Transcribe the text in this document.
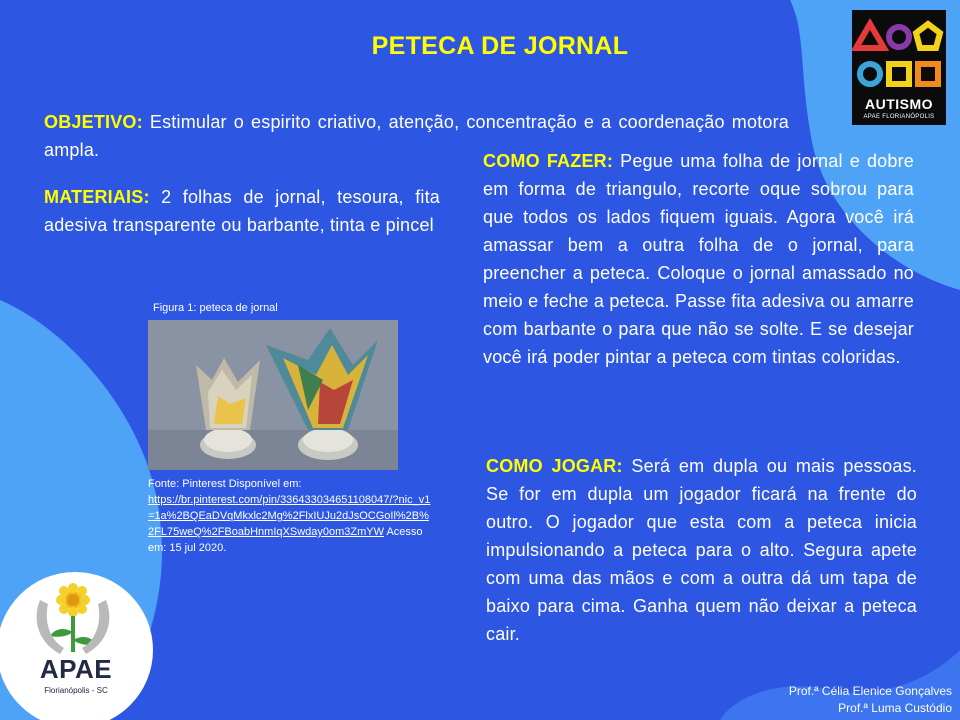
PETECA DE JORNAL
AUTISMO
APAE FLORIANÓPOLIS
OBJETIVO: Estimular o espirito criativo, atenção, concentração e a coordenação motora ampla.
MATERIAIS: 2 folhas de jornal, tesoura, fita adesiva transparente ou barbante, tinta e pincel
COMO FAZER: Pegue uma folha de jornal e dobre em forma de triangulo, recorte oque sobrou para que todos os lados fiquem iguais. Agora você irá amassar bem a outra folha de o jornal, para preencher a peteca. Coloque o jornal amassado no meio e feche a peteca. Passe fita adesiva ou amarre com barbante o para que não se solte. E se desejar você irá poder pintar a peteca com tintas coloridas.
COMO JOGAR: Será em dupla ou mais pessoas. Se for em dupla um jogador ficará na frente do outro. O jogador que esta com a peteca inicia impulsionando a peteca para o alto. Segura apete com uma das mãos e com a outra dá um tapa de baixo para cima. Ganha quem não deixar a peteca cair.
Figura 1: peteca de jornal
Fonte: Pinterest Disponível em:
https://br.pinterest.com/pin/336433034651108047/?nic_v1=1a%2BQEaDVqMkxlc2Mg%2FlxIUJu2dJsOCGoIl%2B%2FL75weQ%2FBoabHnmIqXSwday0om3ZmYW Acesso em: 15 jul 2020.
APAE
Florianópolis - SC	Prof.ª Célia Elenice Gonçalves
Prof.ª Luma Custódio
